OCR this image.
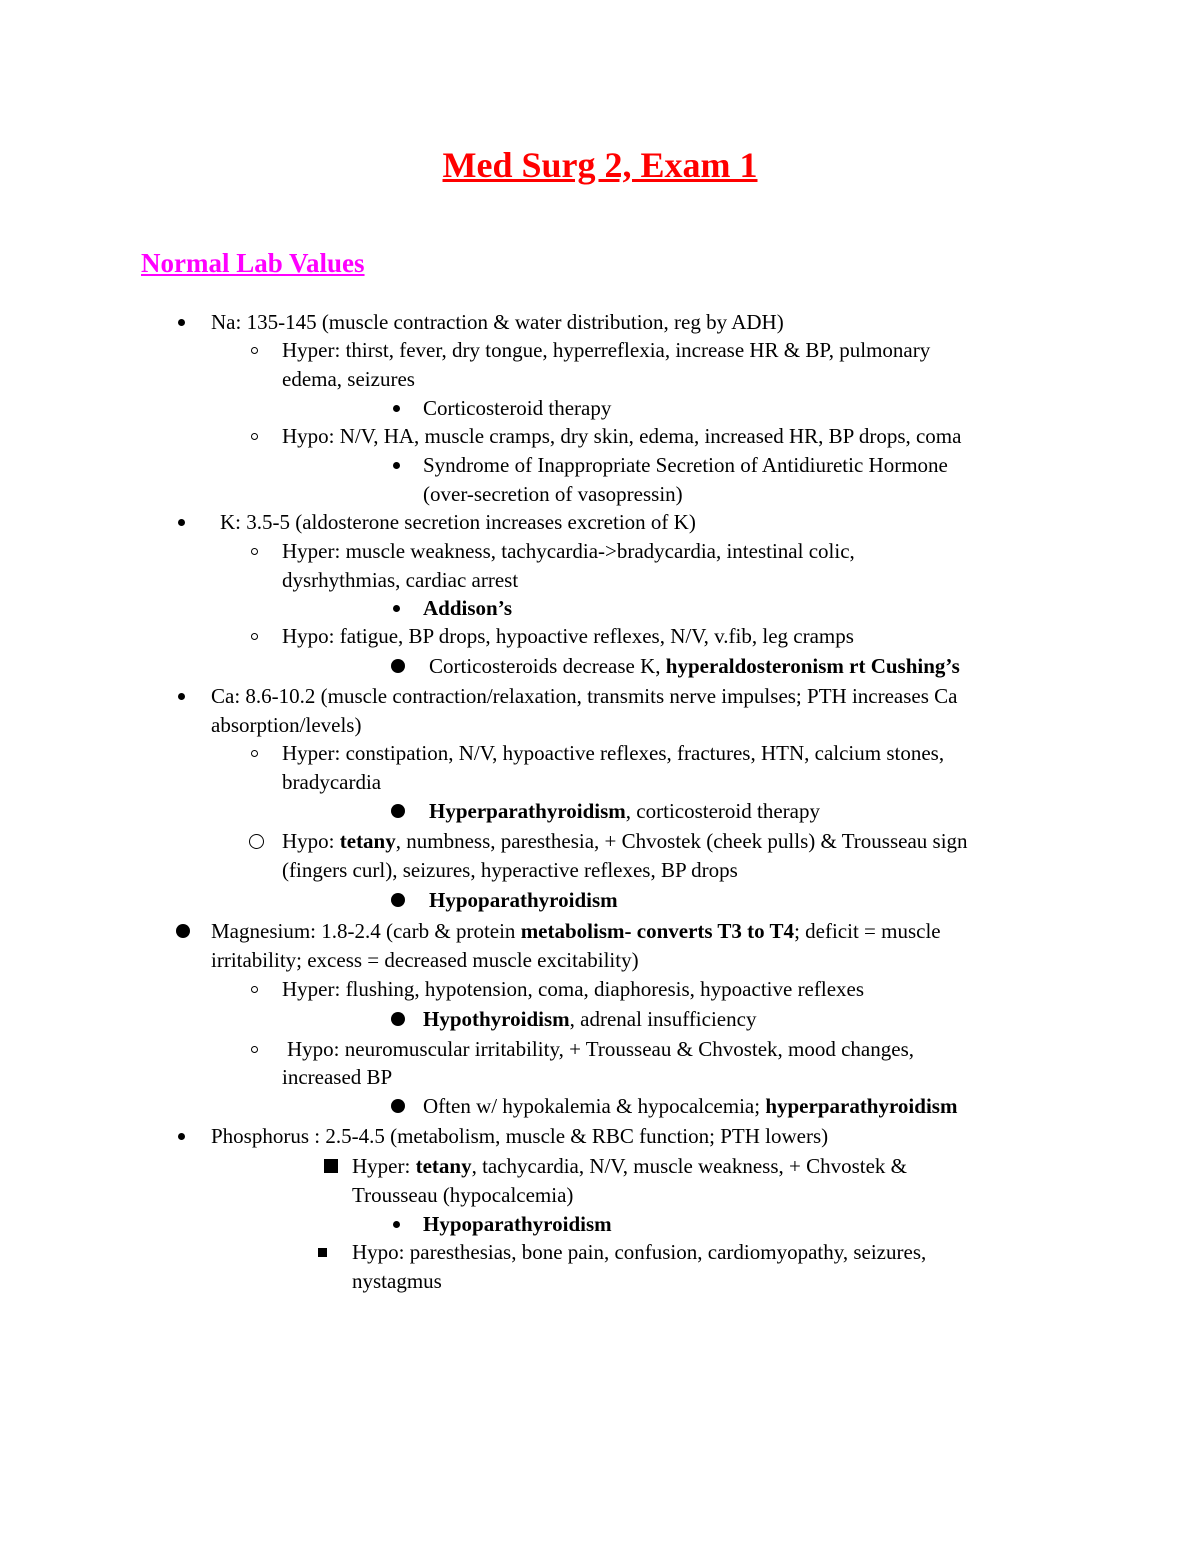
Med Surg 2, Exam 1
Normal Lab Values
Na: 135-145 (muscle contraction & water distribution, reg by ADH)
Hyper: thirst, fever, dry tongue, hyperreflexia, increase HR & BP, pulmonary
edema, seizures
Corticosteroid therapy
Hypo: N/V, HA, muscle cramps, dry skin, edema, increased HR, BP drops, coma
Syndrome of Inappropriate Secretion of Antidiuretic Hormone
(over-secretion of vasopressin)
K: 3.5-5 (aldosterone secretion increases excretion of K)
Hyper: muscle weakness, tachycardia->bradycardia, intestinal colic,
dysrhythmias, cardiac arrest
Addison’s
Hypo: fatigue, BP drops, hypoactive reflexes, N/V, v.fib, leg cramps
Corticosteroids decrease K, hyperaldosteronism rt Cushing’s
Ca: 8.6-10.2 (muscle contraction/relaxation, transmits nerve impulses; PTH increases Ca
absorption/levels)
Hyper: constipation, N/V, hypoactive reflexes, fractures, HTN, calcium stones,
bradycardia
Hyperparathyroidism, corticosteroid therapy
Hypo: tetany, numbness, paresthesia, + Chvostek (cheek pulls) & Trousseau sign
(fingers curl), seizures, hyperactive reflexes, BP drops
Hypoparathyroidism
Magnesium: 1.8-2.4 (carb & protein metabolism- converts T3 to T4; deficit = muscle
irritability; excess = decreased muscle excitability)
Hyper: flushing, hypotension, coma, diaphoresis, hypoactive reflexes
Hypothyroidism, adrenal insufficiency
Hypo: neuromuscular irritability, + Trousseau & Chvostek, mood changes,
increased BP
Often w/ hypokalemia & hypocalcemia; hyperparathyroidism
Phosphorus : 2.5-4.5 (metabolism, muscle & RBC function; PTH lowers)
Hyper: tetany, tachycardia, N/V, muscle weakness, + Chvostek &
Trousseau (hypocalcemia)
Hypoparathyroidism
Hypo: paresthesias, bone pain, confusion, cardiomyopathy, seizures,
nystagmus
